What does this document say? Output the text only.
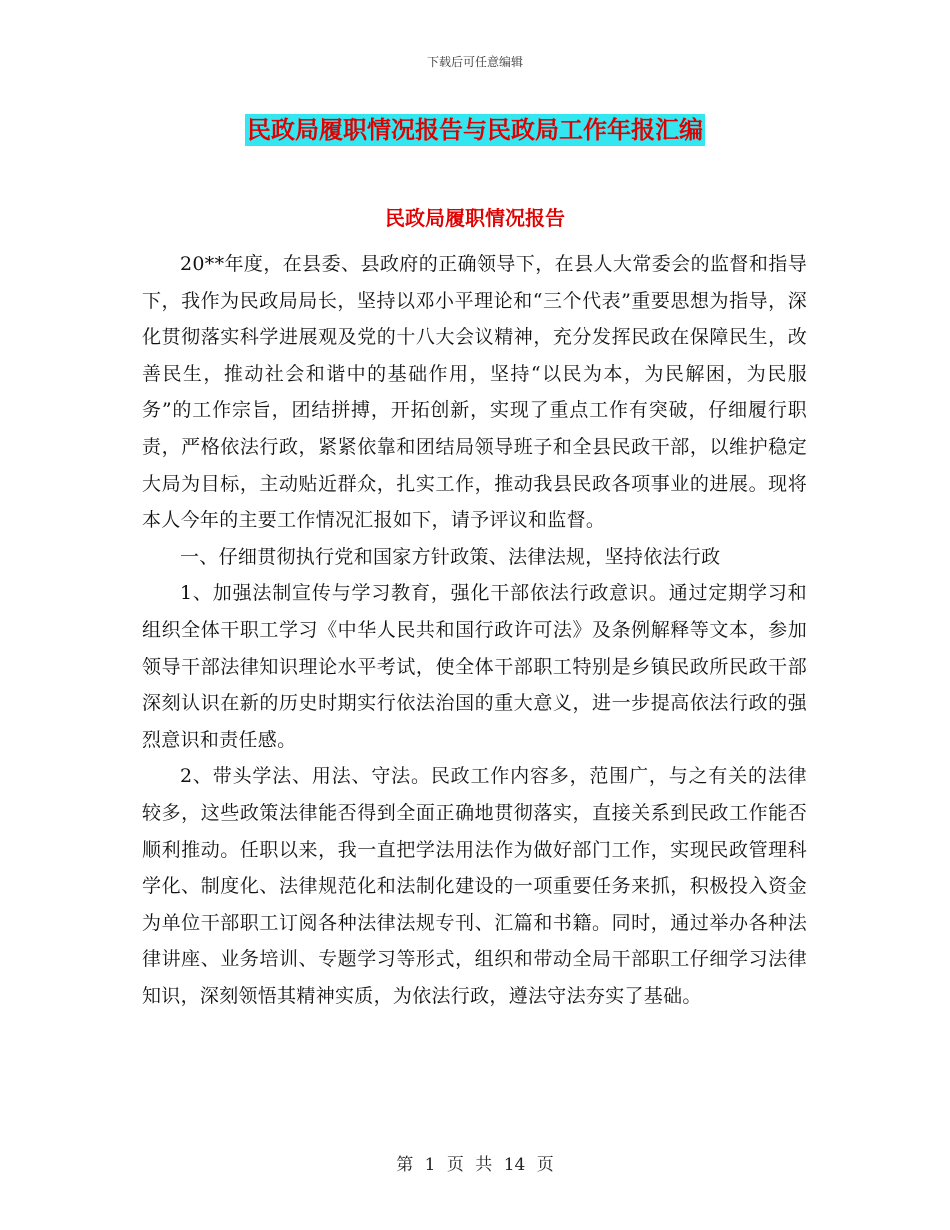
下载后可任意编辑
民政局履职情况报告与民政局工作年报汇编
民政局履职情况报告

20**年度，在县委、县政府的正确领导下，在县人大常委会的监督和指导下，我作为民政局局长，坚持以邓小平理论和“三个代表”重要思想为指导，深化贯彻落实科学进展观及党的十八大会议精神，充分发挥民政在保障民生，改善民生，推动社会和谐中的基础作用，坚持“以民为本，为民解困，为民服务”的工作宗旨，团结拼搏，开拓创新，实现了重点工作有突破，仔细履行职责，严格依法行政，紧紧依靠和团结局领导班子和全县民政干部，以维护稳定大局为目标，主动贴近群众，扎实工作，推动我县民政各项事业的进展。现将本人今年的主要工作情况汇报如下，请予评议和监督。

一、仔细贯彻执行党和国家方针政策、法律法规，坚持依法行政

1、加强法制宣传与学习教育，强化干部依法行政意识。通过定期学习和组织全体干职工学习《中华人民共和国行政许可法》及条例解释等文本，参加领导干部法律知识理论水平考试，使全体干部职工特别是乡镇民政所民政干部深刻认识在新的历史时期实行依法治国的重大意义，进一步提高依法行政的强烈意识和责任感。

2、带头学法、用法、守法。民政工作内容多，范围广，与之有关的法律较多，这些政策法律能否得到全面正确地贯彻落实，直接关系到民政工作能否顺利推动。任职以来，我一直把学法用法作为做好部门工作，实现民政管理科学化、制度化、法律规范化和法制化建设的一项重要任务来抓，积极投入资金为单位干部职工订阅各种法律法规专刊、汇篇和书籍。同时，通过举办各种法律讲座、业务培训、专题学习等形式，组织和带动全局干部职工仔细学习法律知识，深刻领悟其精神实质，为依法行政，遵法守法夯实了基础。

第 1 页 共 14 页
